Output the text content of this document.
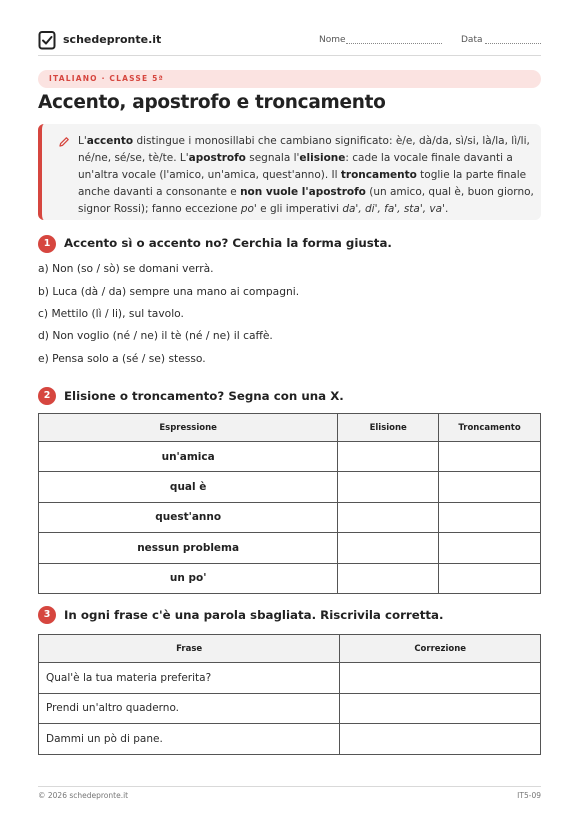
schedepronte.it	Nome	Data
ITALIANO · CLASSE 5ª
Accento, apostrofo e troncamento
L'accento distingue i monosillabi che cambiano significato: è/e, dà/da, sì/si, là/la, lì/li, né/ne, sé/se, tè/te. L'apostrofo segnala l'elisione: cade la vocale finale davanti a un'altra vocale (l'amico, un'amica, quest'anno). Il troncamento toglie la parte finale anche davanti a consonante e non vuole l'apostrofo (un amico, qual è, buon giorno, signor Rossi); fanno eccezione po' e gli imperativi da', di', fa', sta', va'.
1	Accento sì o accento no? Cerchia la forma giusta.
a) Non (so / sò) se domani verrà.
b) Luca (dà / da) sempre una mano ai compagni.
c) Mettilo (lì / li), sul tavolo.
d) Non voglio (né / ne) il tè (né / ne) il caffè.
e) Pensa solo a (sé / se) stesso.
2	Elisione o troncamento? Segna con una X.
Espressione	Elisione	Troncamento
un'amica		
qual è		
quest'anno		
nessun problema		
un po'		
3	In ogni frase c'è una parola sbagliata. Riscrivila corretta.
Frase	Correzione
Qual'è la tua materia preferita?	
Prendi un'altro quaderno.	
Dammi un pò di pane.	
© 2026 schedepronte.it	IT5-09
